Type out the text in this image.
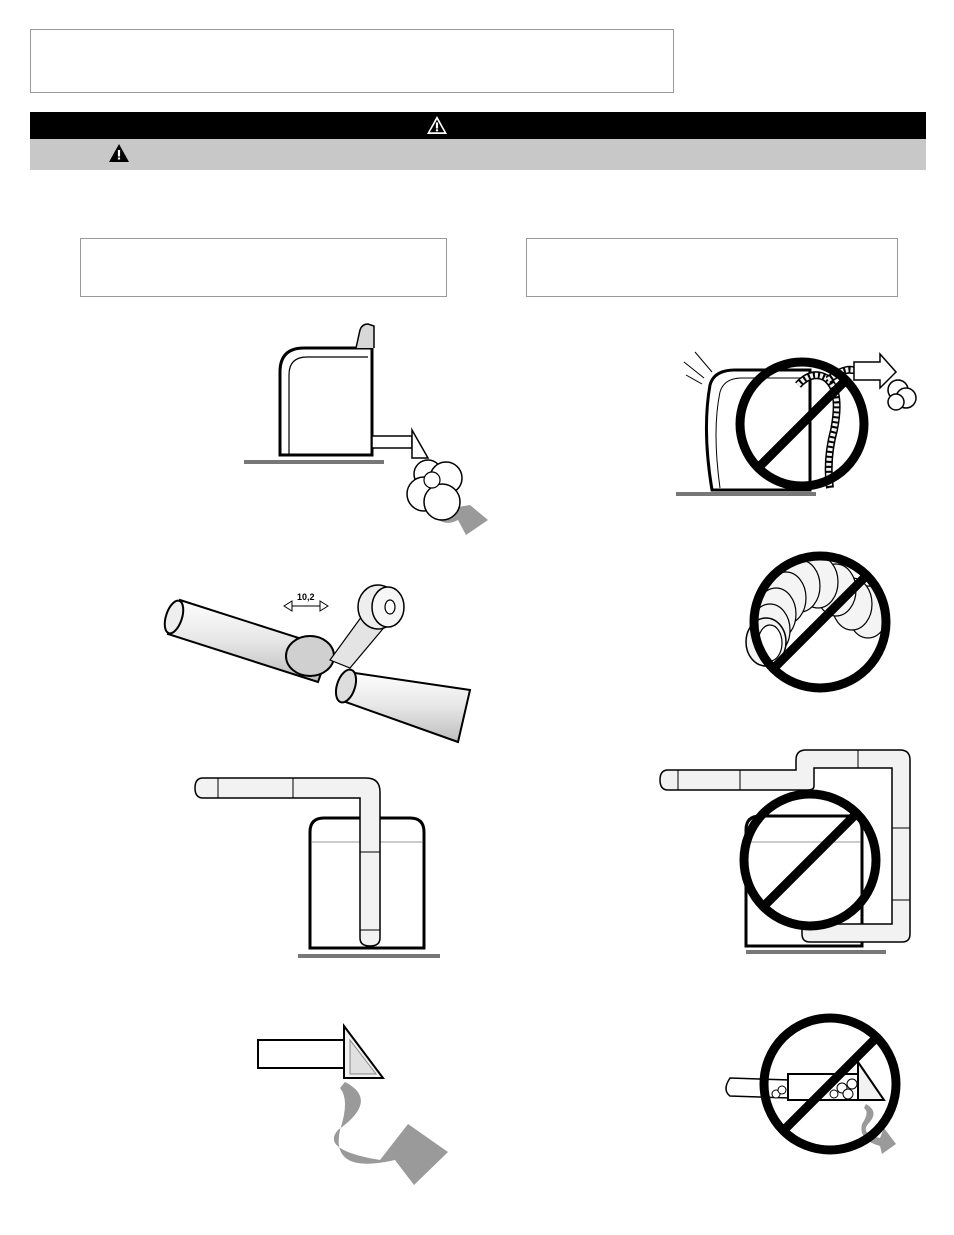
10,2
